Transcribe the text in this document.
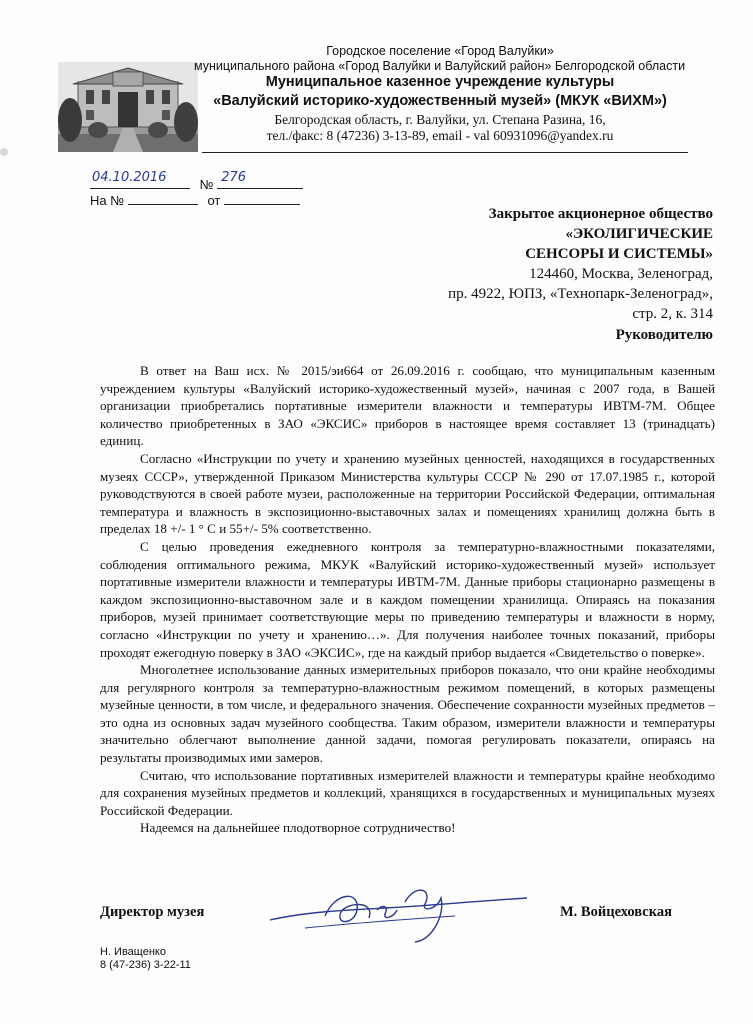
Городское поселение «Город Валуйки»
муниципального района «Город Валуйки и Валуйский район» Белгородской области
Муниципальное казенное учреждение культуры
«Валуйский историко-художественный музей» (МКУК «ВИХМ»)
Белгородская область, г. Валуйки, ул. Степана Разина, 16,
тел./факс: 8 (47236) 3-13-89, email - val 60931096@yandex.ru
04.10.2016	№ 276
На №	от
Закрытое акционерное общество
«ЭКОЛИГИЧЕСКИЕ
СЕНСОРЫ И СИСТЕМЫ»
124460, Москва, Зеленоград,
пр. 4922, ЮПЗ, «Технопарк-Зеленоград»,
стр. 2, к. 314
Руководителю

В ответ на Ваш исх. № 2015/эи664 от 26.09.2016 г. сообщаю, что муниципальным казенным учреждением культуры «Валуйский историко-художественный музей», начиная с 2007 года, в Вашей организации приобретались портативные измерители влажности и температуры ИВТМ-7М. Общее количество приобретенных в ЗАО «ЭКСИС» приборов в настоящее время составляет 13 (тринадцать) единиц.

Согласно «Инструкции по учету и хранению музейных ценностей, находящихся в государственных музеях СССР», утвержденной Приказом Министерства культуры СССР № 290 от 17.07.1985 г., которой руководствуются в своей работе музеи, расположенные на территории Российской Федерации, оптимальная температура и влажность в экспозиционно-выставочных залах и помещениях хранилищ должна быть в пределах 18 +/- 1 ° С и 55+/- 5% соответственно.

С целью проведения ежедневного контроля за температурно-влажностными показателями, соблюдения оптимального режима, МКУК «Валуйский историко-художественный музей» использует портативные измерители влажности и температуры ИВТМ-7М. Данные приборы стационарно размещены в каждом экспозиционно-выставочном зале и в каждом помещении хранилища. Опираясь на показания приборов, музей принимает соответствующие меры по приведению температуры и влажности в норму, согласно «Инструкции по учету и хранению…». Для получения наиболее точных показаний, приборы проходят ежегодную поверку в ЗАО «ЭКСИС», где на каждый прибор выдается «Свидетельство о поверке».

Многолетнее использование данных измерительных приборов показало, что они крайне необходимы для регулярного контроля за температурно-влажностным режимом помещений, в которых размещены музейные ценности, в том числе, и федерального значения. Обеспечение сохранности музейных предметов – это одна из основных задач музейного сообщества. Таким образом, измерители влажности и температуры значительно облегчают выполнение данной задачи, помогая регулировать показатели, опираясь на результаты производимых ими замеров.

Считаю, что использование портативных измерителей влажности и температуры крайне необходимо для сохранения музейных предметов и коллекций, хранящихся в государственных и муниципальных музеях Российской Федерации.

Надеемся на дальнейшее плодотворное сотрудничество!

Директор музея	М. Войцеховская
Н. Иващенко
8 (47-236) 3-22-11
